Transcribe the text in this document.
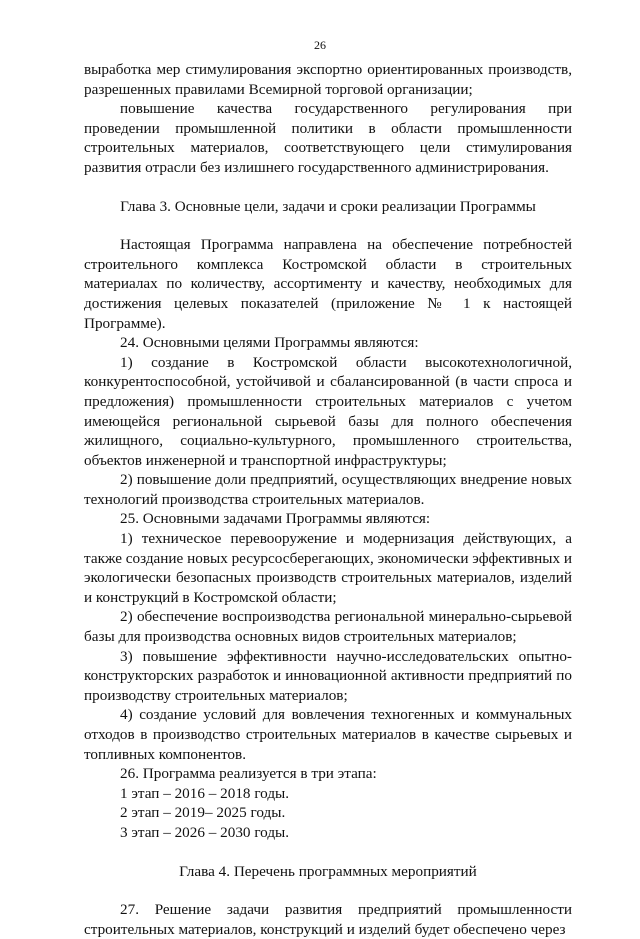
26

выработка мер стимулирования экспортно ориентированных производств, разрешенных правилами Всемирной торговой организации;

повышение качества государственного регулирования при проведении промышленной политики в области промышленности строительных материалов, соответствующего цели стимулирования развития отрасли без излишнего государственного администрирования.

Глава 3. Основные цели, задачи и сроки реализации Программы

Настоящая Программа направлена на обеспечение потребностей строительного комплекса Костромской области в строительных материалах по количеству, ассортименту и качеству, необходимых для достижения целевых показателей (приложение № 1 к настоящей Программе).

24. Основными целями Программы являются:

1) создание в Костромской области высокотехнологичной, конкурентоспособной, устойчивой и сбалансированной (в части спроса и предложения) промышленности строительных материалов с учетом имеющейся региональной сырьевой базы для полного обеспечения жилищного, социально-культурного, промышленного строительства, объектов инженерной и транспортной инфраструктуры;

2) повышение доли предприятий, осуществляющих внедрение новых технологий производства строительных материалов.

25. Основными задачами Программы являются:

1) техническое перевооружение и модернизация действующих, а также создание новых ресурсосберегающих, экономически эффективных и экологически безопасных производств строительных материалов, изделий и конструкций в Костромской области;

2) обеспечение воспроизводства региональной минерально-сырьевой базы для производства основных видов строительных материалов;

3) повышение эффективности научно-исследовательских опытно-конструкторских разработок и инновационной активности предприятий по производству строительных материалов;

4) создание условий для вовлечения техногенных и коммунальных отходов в производство строительных материалов в качестве сырьевых и топливных компонентов.

26. Программа реализуется в три этапа:

1 этап – 2016 – 2018 годы.

2 этап – 2019– 2025 годы.

3 этап – 2026 – 2030 годы.

Глава 4. Перечень программных мероприятий

27. Решение задачи развития предприятий промышленности строительных материалов, конструкций и изделий будет обеспечено через
